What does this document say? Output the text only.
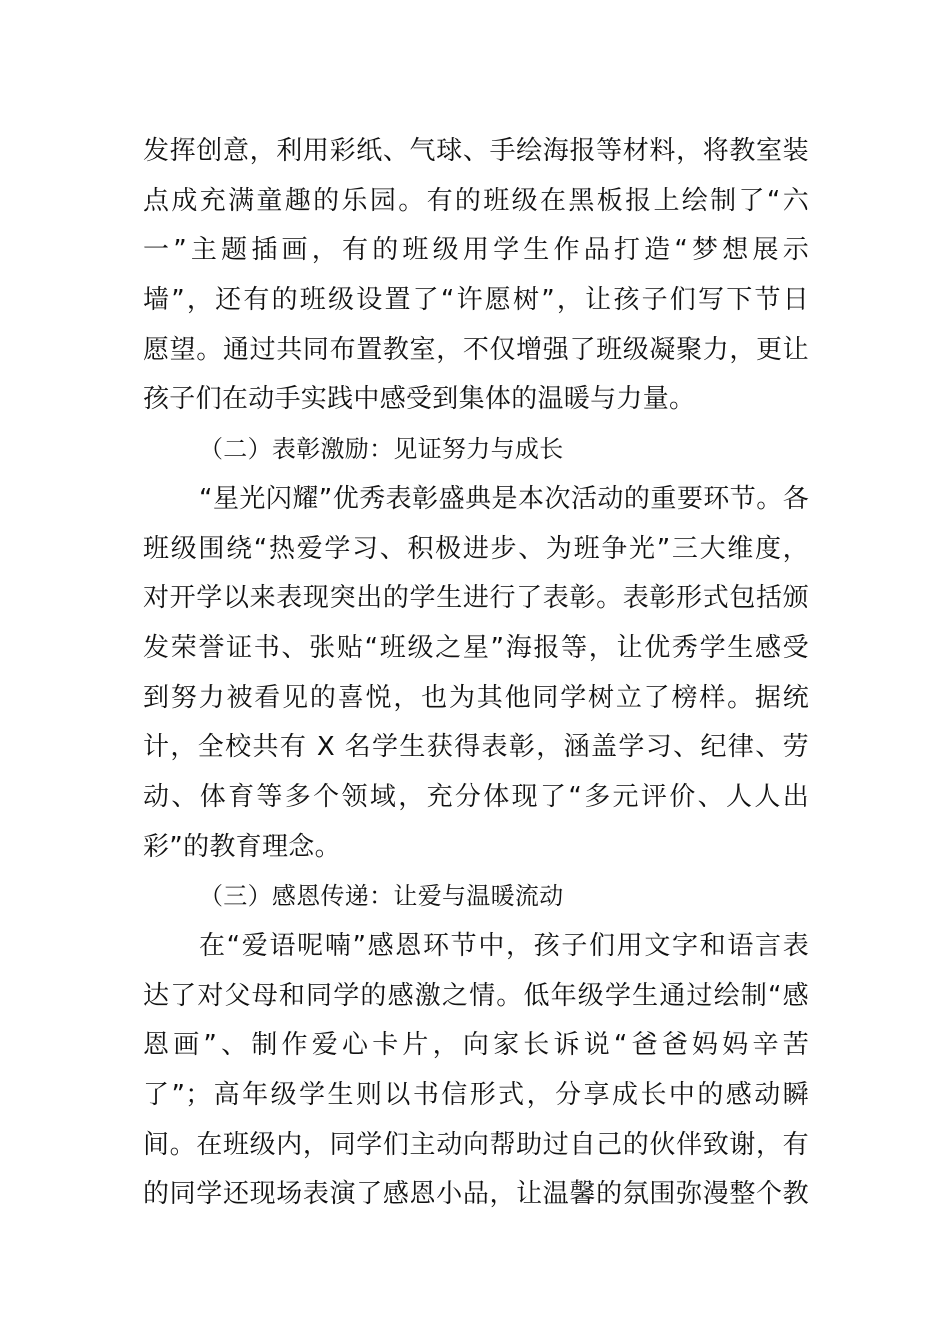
发挥创意，利用彩纸、气球、手绘海报等材料，将教室装
点成充满童趣的乐园。有的班级在黑板报上绘制了“六
一”主题插画，有的班级用学生作品打造“梦想展示
墙”，还有的班级设置了“许愿树”，让孩子们写下节日
愿望。通过共同布置教室，不仅增强了班级凝聚力，更让
孩子们在动手实践中感受到集体的温暖与力量。
（二）表彰激励：见证努力与成长
“星光闪耀”优秀表彰盛典是本次活动的重要环节。各
班级围绕“热爱学习、积极进步、为班争光”三大维度，
对开学以来表现突出的学生进行了表彰。表彰形式包括颁
发荣誉证书、张贴“班级之星”海报等，让优秀学生感受
到努力被看见的喜悦，也为其他同学树立了榜样。据统
计，全校共有 X 名学生获得表彰，涵盖学习、纪律、劳
动、体育等多个领域，充分体现了“多元评价、人人出
彩”的教育理念。
（三）感恩传递：让爱与温暖流动
在“爱语呢喃”感恩环节中，孩子们用文字和语言表
达了对父母和同学的感激之情。低年级学生通过绘制“感
恩画”、制作爱心卡片，向家长诉说“爸爸妈妈辛苦
了”；高年级学生则以书信形式，分享成长中的感动瞬
间。在班级内，同学们主动向帮助过自己的伙伴致谢，有
的同学还现场表演了感恩小品，让温馨的氛围弥漫整个教
